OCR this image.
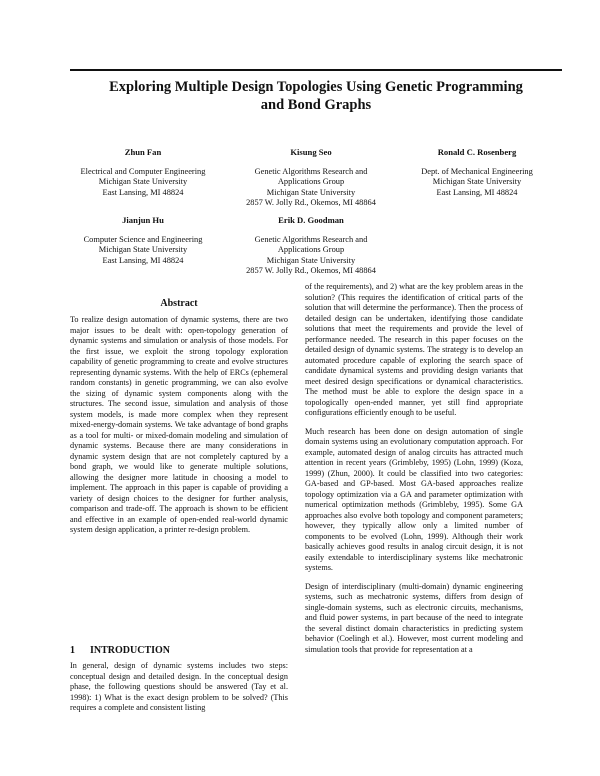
Exploring Multiple Design Topologies Using Genetic Programming
and Bond Graphs
Zhun Fan
Electrical and Computer Engineering
Michigan State University
East Lansing, MI 48824
Kisung Seo
Genetic Algorithms Research and
Applications Group
Michigan State University
2857 W. Jolly Rd., Okemos, MI 48864
Ronald C. Rosenberg
Dept. of Mechanical Engineering
Michigan State University
East Lansing, MI 48824
Jianjun Hu
Computer Science and Engineering
Michigan State University
East Lansing, MI 48824
Erik D. Goodman
Genetic Algorithms Research and
Applications Group
Michigan State University
2857 W. Jolly Rd., Okemos, MI 48864
Abstract

To realize design automation of dynamic systems, there are two major issues to be dealt with: open-topology generation of dynamic systems and simulation or analysis of those models. For the first issue, we exploit the strong topology exploration capability of genetic programming to create and evolve structures representing dynamic systems. With the help of ERCs (ephemeral random constants) in genetic programming, we can also evolve the sizing of dynamic system components along with the structures. The second issue, simulation and analysis of those system models, is made more complex when they represent mixed-energy-domain systems. We take advantage of bond graphs as a tool for multi- or mixed-domain modeling and simulation of dynamic systems. Because there are many considerations in dynamic system design that are not completely captured by a bond graph, we would like to generate multiple solutions, allowing the designer more latitude in choosing a model to implement. The approach in this paper is capable of providing a variety of design choices to the designer for further analysis, comparison and trade-off. The approach is shown to be efficient and effective in an example of open-ended real-world dynamic system design application, a printer re-design problem.

1 INTRODUCTION

In general, design of dynamic systems includes two steps: conceptual design and detailed design. In the conceptual design phase, the following questions should be answered (Tay et al. 1998): 1) What is the exact design problem to be solved? (This requires a complete and consistent listing

of the requirements), and 2) what are the key problem areas in the solution? (This requires the identification of critical parts of the solution that will determine the performance). Then the process of detailed design can be undertaken, identifying those candidate solutions that meet the requirements and provide the level of performance needed. The research in this paper focuses on the detailed design of dynamic systems. The strategy is to develop an automated procedure capable of exploring the search space of candidate dynamical systems and providing design variants that meet desired design specifications or dynamical characteristics. The method must be able to explore the design space in a topologically open-ended manner, yet still find appropriate configurations efficiently enough to be useful.

Much research has been done on design automation of single domain systems using an evolutionary computation approach. For example, automated design of analog circuits has attracted much attention in recent years (Grimbleby, 1995) (Lohn, 1999) (Koza, 1999) (Zhun, 2000). It could be classified into two categories: GA-based and GP-based. Most GA-based approaches realize topology optimization via a GA and parameter optimization with numerical optimization methods (Grimbleby, 1995). Some GA approaches also evolve both topology and component parameters; however, they typically allow only a limited number of components to be evolved (Lohn, 1999). Although their work basically achieves good results in analog circuit design, it is not easily extendable to interdisciplinary systems like mechatronic systems.

Design of interdisciplinary (multi-domain) dynamic engineering systems, such as mechatronic systems, differs from design of single-domain systems, such as electronic circuits, mechanisms, and fluid power systems, in part because of the need to integrate the several distinct domain characteristics in predicting system behavior (Coelingh et al.). However, most current modeling and simulation tools that provide for representation at a
